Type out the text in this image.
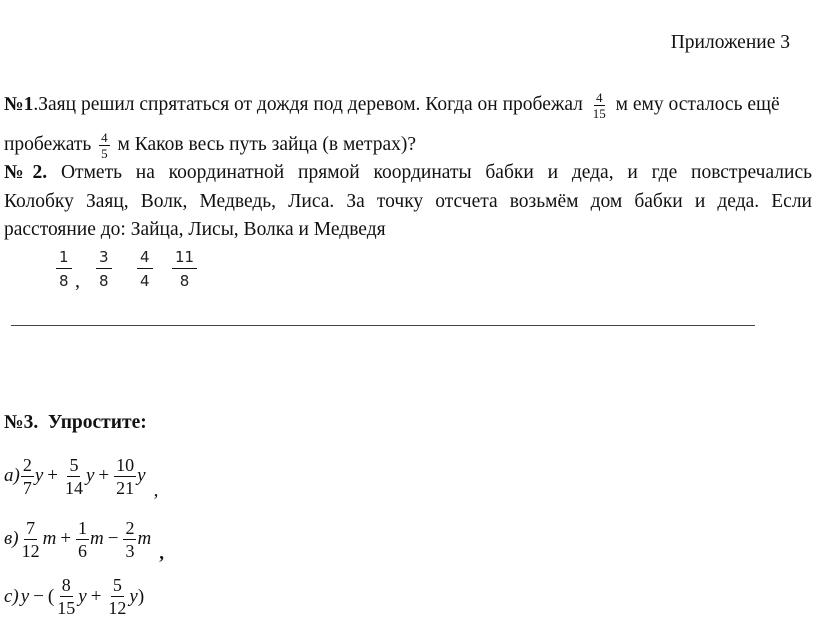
Приложение 3
№1.Заяц решил спрятаться от дождя под деревом. Когда он пробежал $\frac{4}{15}$ м ему осталось ещё
пробежать $\frac{4}{5}$ м Каков весь путь зайца (в метрах)?
№2. Отметь на координатной прямой координаты бабки и деда, и где повстречались
Колобку Заяц, Волк, Медведь, Лиса. За точку отсчета возьмём дом бабки и деда. Если
расстояние до: Зайца, Лисы, Волка и Медведя
$\frac{1}{8}$ , $\frac{3}{8} \frac{4}{4} \frac{11}{8}$
№3. Упростите:
$a) \frac{2}{7}$ $y + \frac{5}{14}$ $y + \frac{10}{21}$ y
,
$в) \frac{7}{12}$ $m + \frac{1}{6}$ $m - \frac{2}{3}$ m
,
c) y − ( $\frac{8}{15}$ $y + \frac{5}{12}$ y )
